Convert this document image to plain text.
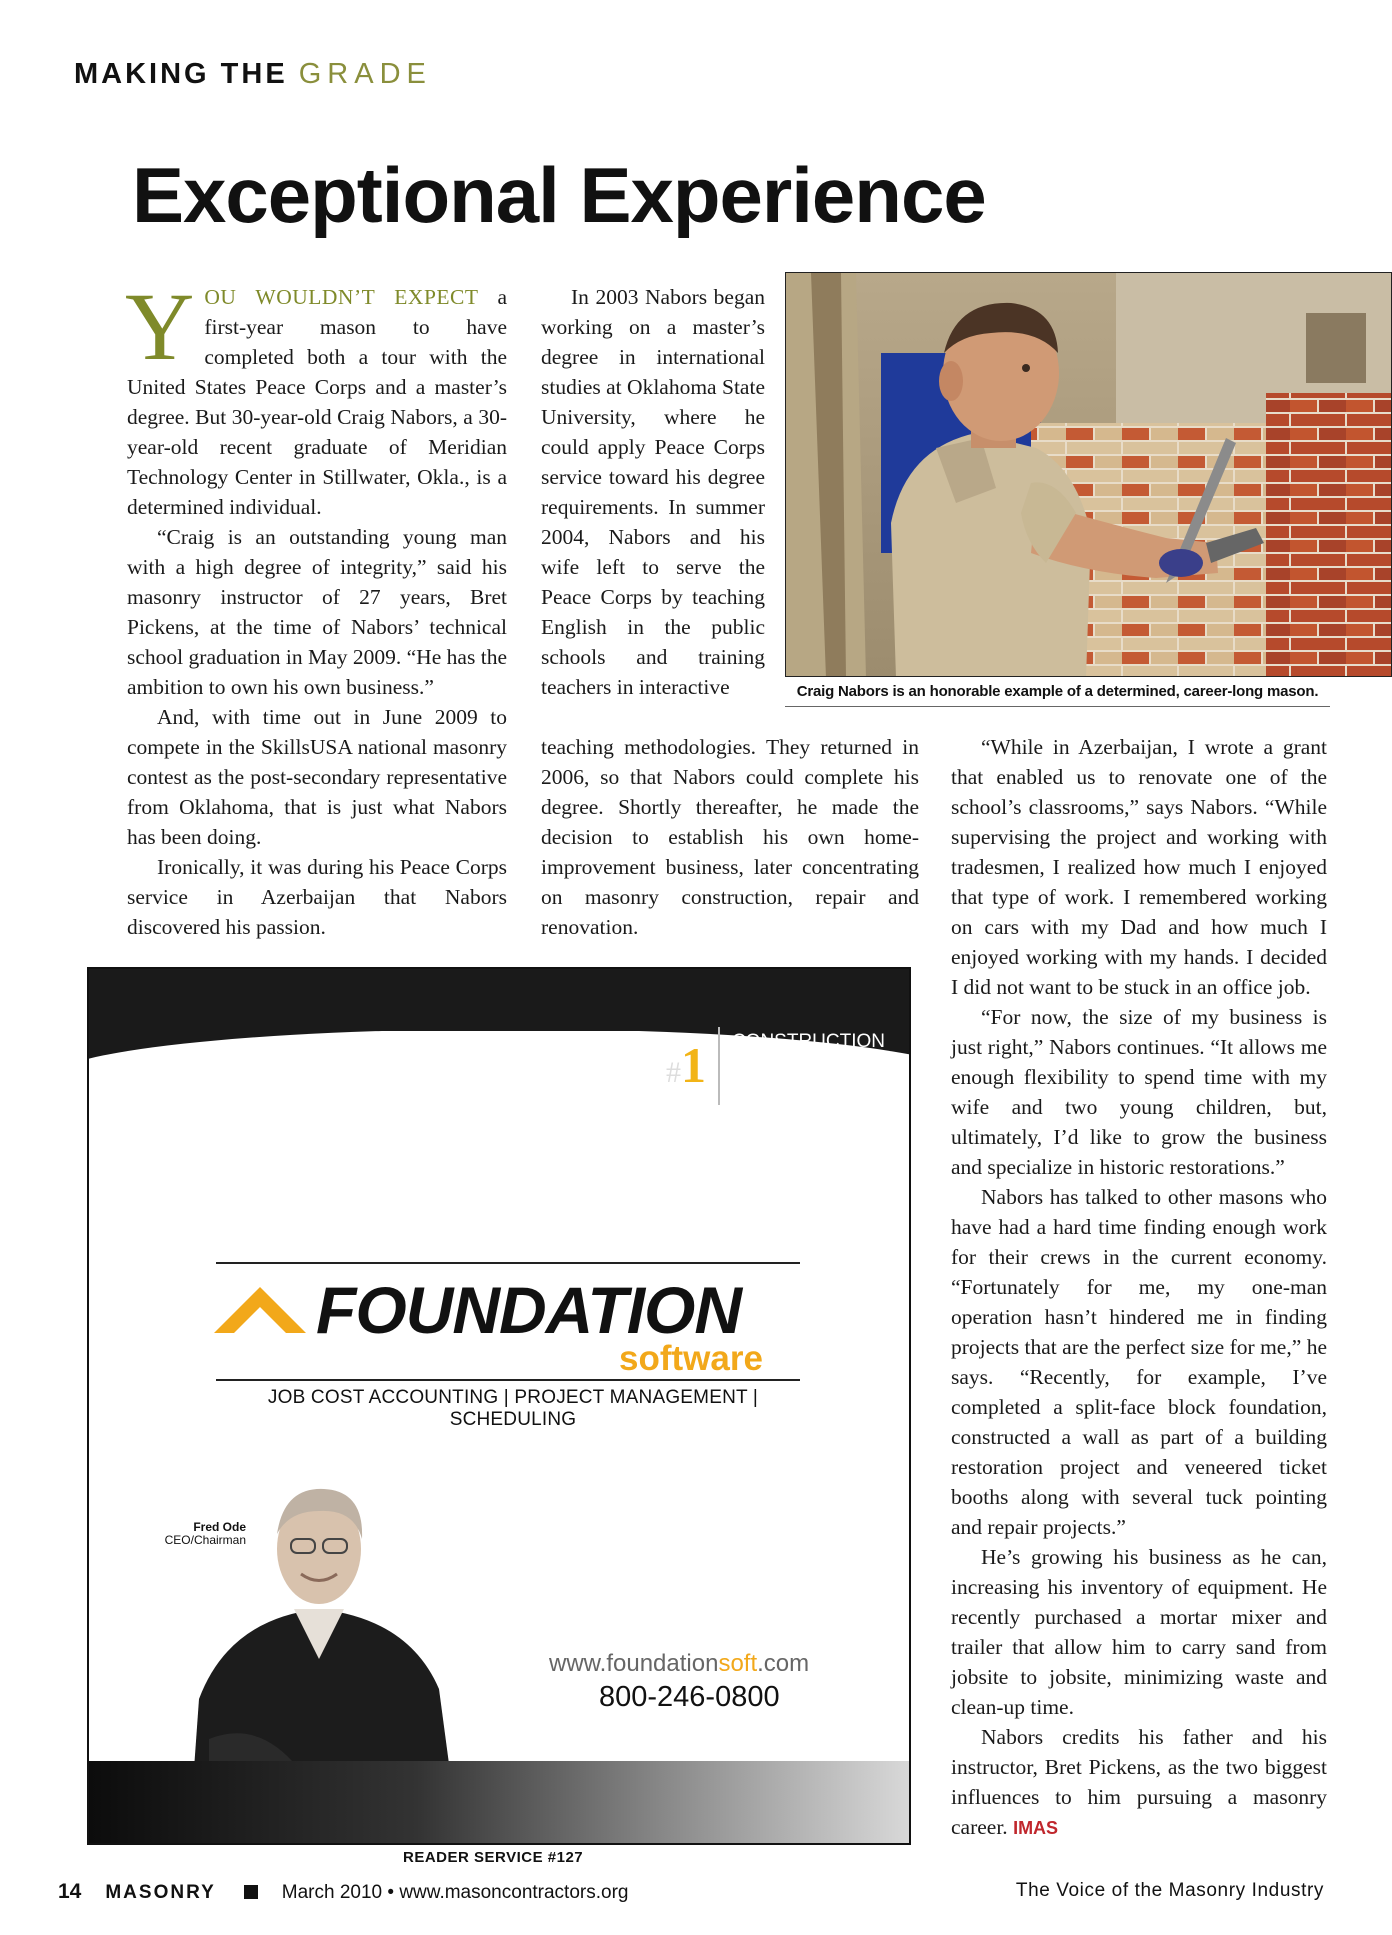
MAKING THE GRADE
Exceptional Experience

YOU WOULDN’T EXPECT a first-year mason to have completed both a tour with the United States Peace Corps and a master’s degree. But 30-year-old Craig Nabors, a 30-year-old recent graduate of Meridian Technology Center in Stillwater, Okla., is a determined individual.

“Craig is an outstanding young man with a high degree of integrity,” said his masonry instructor of 27 years, Bret Pickens, at the time of Nabors’ technical school graduation in May 2009. “He has the ambition to own his own business.”

And, with time out in June 2009 to compete in the SkillsUSA national masonry contest as the post-secondary representative from Oklahoma, that is just what Nabors has been doing.

Ironically, it was during his Peace Corps service in Azerbaijan that Nabors discovered his passion.

In 2003 Nabors began working on a master’s degree in international studies at Oklahoma State University, where he could apply Peace Corps service toward his degree requirements. In summer 2004, Nabors and his wife left to serve the Peace Corps by teaching English in the public schools and training teachers in interactive

teaching methodologies. They returned in 2006, so that Nabors could complete his degree. Shortly thereafter, he made the decision to establish his own home-improvement business, later concentrating on masonry construction, repair and renovation.

Craig Nabors is an honorable example of a determined, career-long mason.

“While in Azerbaijan, I wrote a grant that enabled us to renovate one of the school’s classrooms,” says Nabors. “While supervising the project and working with tradesmen, I realized how much I enjoyed that type of work. I remembered working on cars with my Dad and how much I enjoyed working with my hands. I decided I did not want to be stuck in an office job.

“For now, the size of my business is just right,” Nabors continues. “It allows me enough flexibility to spend time with my wife and two young children, but, ultimately, I’d like to grow the business and specialize in historic restorations.”

Nabors has talked to other masons who have had a hard time finding enough work for their crews in the current economy. “Fortunately for me, my one-man operation hasn’t hindered me in finding projects that are the perfect size for me,” he says. “Recently, for example, I’ve completed a split-face block foundation, constructed a wall as part of a building restoration project and veneered ticket booths along with several tuck pointing and repair projects.”

He’s growing his business as he can, increasing his inventory of equipment. He recently purchased a mortar mixer and trailer that allow him to carry sand from jobsite to jobsite, minimizing waste and clean-up time.

Nabors credits his father and his instructor, Bret Pickens, as the two biggest influences to him pursuing a masonry career. IMAS

AMERICA’S #1 CONSTRUCTION
ACCOUNTING
SOFTWARE
FOUNDATION
software
JOB COST ACCOUNTING | PROJECT MANAGEMENT | SCHEDULING
Fred Ode
CEO/Chairman
www.foundationsoft.com
800-246-0800
READER SERVICE #127
14 MASONRY	March 2010 • www.masoncontractors.org	The Voice of the Masonry Industry
